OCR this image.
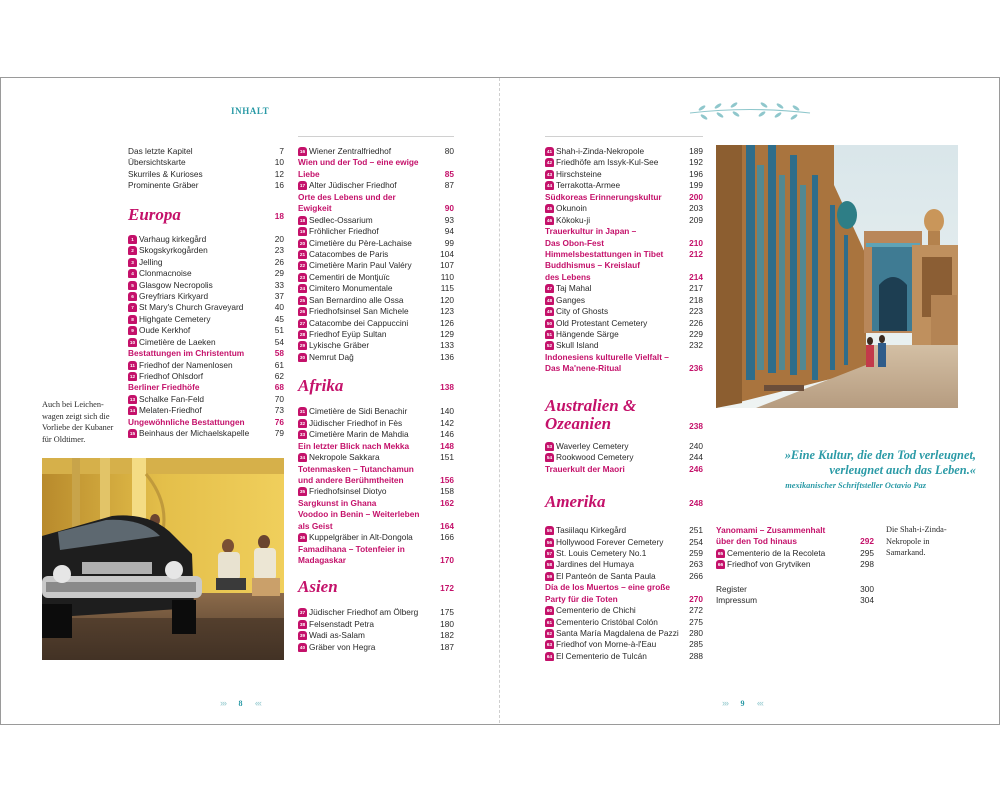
INHALT
Das letzte Kapitel	7
Übersichtskarte	10
Skurriles & Kurioses	12
Prominente Gräber	16
Europa	18
1 Varhaug kirkegård	20
2 Skogskyrkogården	23
3 Jelling	26
4 Clonmacnoise	29
5 Glasgow Necropolis	33
6 Greyfriars Kirkyard	37
7 St Mary's Church Graveyard	40
8 Highgate Cemetery	45
9 Oude Kerkhof	51
10 Cimetière de Laeken	54
Bestattungen im Christentum	58
11 Friedhof der Namenlosen	61
12 Friedhof Ohlsdorf	62
Berliner Friedhöfe	68
13 Schalke Fan-Feld	70
14 Melaten-Friedhof	73
Ungewöhnliche Bestattungen	76
15 Beinhaus der Michaelskapelle	79
16 Wiener Zentralfriedhof	80
Wien und der Tod – eine ewige
Liebe	85
17 Alter Jüdischer Friedhof	87
Orte des Lebens und der
Ewigkeit	90
18 Sedlec-Ossarium	93
19 Fröhlicher Friedhof	94
20 Cimetière du Père-Lachaise	99
21 Catacombes de Paris	104
22 Cimetière Marin Paul Valéry	107
23 Cementiri de Montjuïc	110
24 Cimitero Monumentale	115
25 San Bernardino alle Ossa	120
26 Friedhofsinsel San Michele	123
27 Catacombe dei Cappuccini	126
28 Friedhof Eyüp Sultan	129
29 Lykische Gräber	133
30 Nemrut Dağ	136
Afrika	138
31 Cimetière de Sidi Benachir	140
32 Jüdischer Friedhof in Fès	142
33 Cimetière Marin de Mahdia	146
Ein letzter Blick nach Mekka	148
34 Nekropole Sakkara	151
Totenmasken – Tutanchamun
und andere Berühmtheiten	156
35 Friedhofsinsel Diotyo	158
Sargkunst in Ghana	162
Voodoo in Benin – Weiterleben
als Geist	164
36 Kuppelgräber in Alt-Dongola	166
Famadihana – Totenfeier in
Madagaskar	170
Asien	172
37 Jüdischer Friedhof am Ölberg	175
38 Felsenstadt Petra	180
39 Wadi as-Salam	182
40 Gräber von Hegra	187
41 Shah-i-Zinda-Nekropole	189
42 Friedhöfe am Issyk-Kul-See	192
43 Hirschsteine	196
44 Terrakotta-Armee	199
Südkoreas Erinnerungskultur	200
45 Okunoin	203
46 Kōkoku-ji	209
Trauerkultur in Japan –
Das Obon-Fest	210
Himmelsbestattungen in Tibet	212
Buddhismus – Kreislauf
des Lebens	214
47 Taj Mahal	217
48 Ganges	218
49 City of Ghosts	223
50 Old Protestant Cemetery	226
51 Hängende Särge	229
52 Skull Island	232
Indonesiens kulturelle Vielfalt –
Das Ma'nene-Ritual	236
Australien & Ozeanien	238
53 Waverley Cemetery	240
54 Rookwood Cemetery	244
Trauerkult der Maori	246
Amerika	248
55 Tasiilaqu Kirkegård	251
56 Hollywood Forever Cemetery	254
57 St. Louis Cemetery No.1	259
58 Jardines del Humaya	263
59 El Panteón de Santa Paula	266
Día de los Muertos – eine große
Party für die Toten	270
60 Cementerio de Chichi	272
61 Cementerio Cristóbal Colón	275
62 Santa María Magdalena de Pazzi 280
63 Friedhof von Morne-à-l'Eau	285
64 El Cementerio de Tulcán	288
Yanomami – Zusammenhalt
über den Tod hinaus	292
65 Cementerio de la Recoleta	295
66 Friedhof von Grytviken	298
Register	300
Impressum	304
Auch bei Leichen-
wagen zeigt sich die
Vorliebe der Kubaner
für Oldtimer.
»Eine Kultur, die den Tod verleugnet,
verleugnet auch das Leben.«
mexikanischer Schriftsteller Octavio Paz
Die Shah-i-Zinda-
Nekropole in
Samarkand.
››› 8 ‹‹‹	››› 9 ‹‹‹
